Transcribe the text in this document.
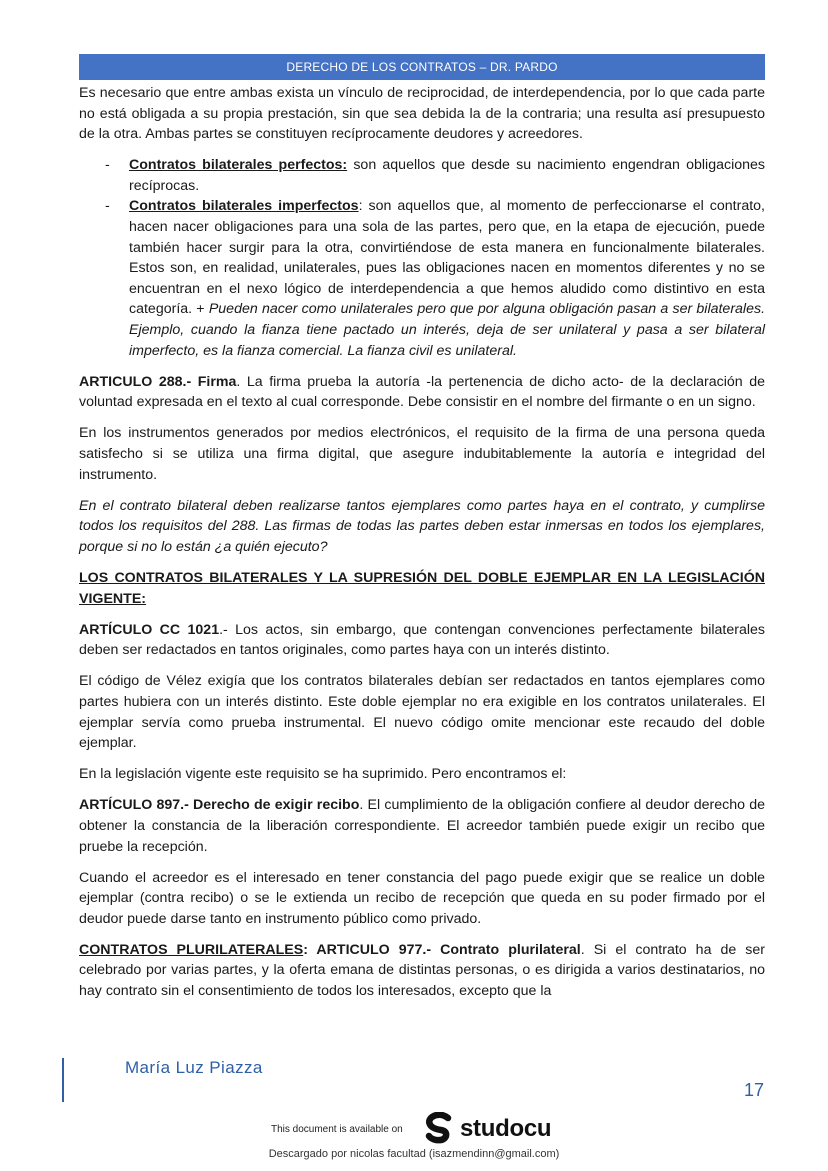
DERECHO DE LOS CONTRATOS – DR. PARDO

Es necesario que entre ambas exista un vínculo de reciprocidad, de interdependencia, por lo que cada parte no está obligada a su propia prestación, sin que sea debida la de la contraria; una resulta así presupuesto de la otra. Ambas partes se constituyen recíprocamente deudores y acreedores.

- Contratos bilaterales perfectos: son aquellos que desde su nacimiento engendran obligaciones recíprocas.
- Contratos bilaterales imperfectos: son aquellos que, al momento de perfeccionarse el contrato, hacen nacer obligaciones para una sola de las partes, pero que, en la etapa de ejecución, puede también hacer surgir para la otra, convirtiéndose de esta manera en funcionalmente bilaterales. Estos son, en realidad, unilaterales, pues las obligaciones nacen en momentos diferentes y no se encuentran en el nexo lógico de interdependencia a que hemos aludido como distintivo en esta categoría. + Pueden nacer como unilaterales pero que por alguna obligación pasan a ser bilaterales. Ejemplo, cuando la fianza tiene pactado un interés, deja de ser unilateral y pasa a ser bilateral imperfecto, es la fianza comercial. La fianza civil es unilateral.

ARTICULO 288.- Firma. La firma prueba la autoría -la pertenencia de dicho acto- de la declaración de voluntad expresada en el texto al cual corresponde. Debe consistir en el nombre del firmante o en un signo.

En los instrumentos generados por medios electrónicos, el requisito de la firma de una persona queda satisfecho si se utiliza una firma digital, que asegure indubitablemente la autoría e integridad del instrumento.

En el contrato bilateral deben realizarse tantos ejemplares como partes haya en el contrato, y cumplirse todos los requisitos del 288. Las firmas de todas las partes deben estar inmersas en todos los ejemplares, porque si no lo están ¿a quién ejecuto?

LOS CONTRATOS BILATERALES Y LA SUPRESIÓN DEL DOBLE EJEMPLAR EN LA LEGISLACIÓN VIGENTE:

ARTÍCULO CC 1021.- Los actos, sin embargo, que contengan convenciones perfectamente bilaterales deben ser redactados en tantos originales, como partes haya con un interés distinto.

El código de Vélez exigía que los contratos bilaterales debían ser redactados en tantos ejemplares como partes hubiera con un interés distinto. Este doble ejemplar no era exigible en los contratos unilaterales. El ejemplar servía como prueba instrumental. El nuevo código omite mencionar este recaudo del doble ejemplar.

En la legislación vigente este requisito se ha suprimido. Pero encontramos el:

ARTÍCULO 897.- Derecho de exigir recibo. El cumplimiento de la obligación confiere al deudor derecho de obtener la constancia de la liberación correspondiente. El acreedor también puede exigir un recibo que pruebe la recepción.

Cuando el acreedor es el interesado en tener constancia del pago puede exigir que se realice un doble ejemplar (contra recibo) o se le extienda un recibo de recepción que queda en su poder firmado por el deudor puede darse tanto en instrumento público como privado.

CONTRATOS PLURILATERALES: ARTICULO 977.- Contrato plurilateral. Si el contrato ha de ser celebrado por varias partes, y la oferta emana de distintas personas, o es dirigida a varios destinatarios, no hay contrato sin el consentimiento de todos los interesados, excepto que la

María Luz Piazza
17
This document is available on studocu
Descargado por nicolas facultad (isazmendinn@gmail.com)
